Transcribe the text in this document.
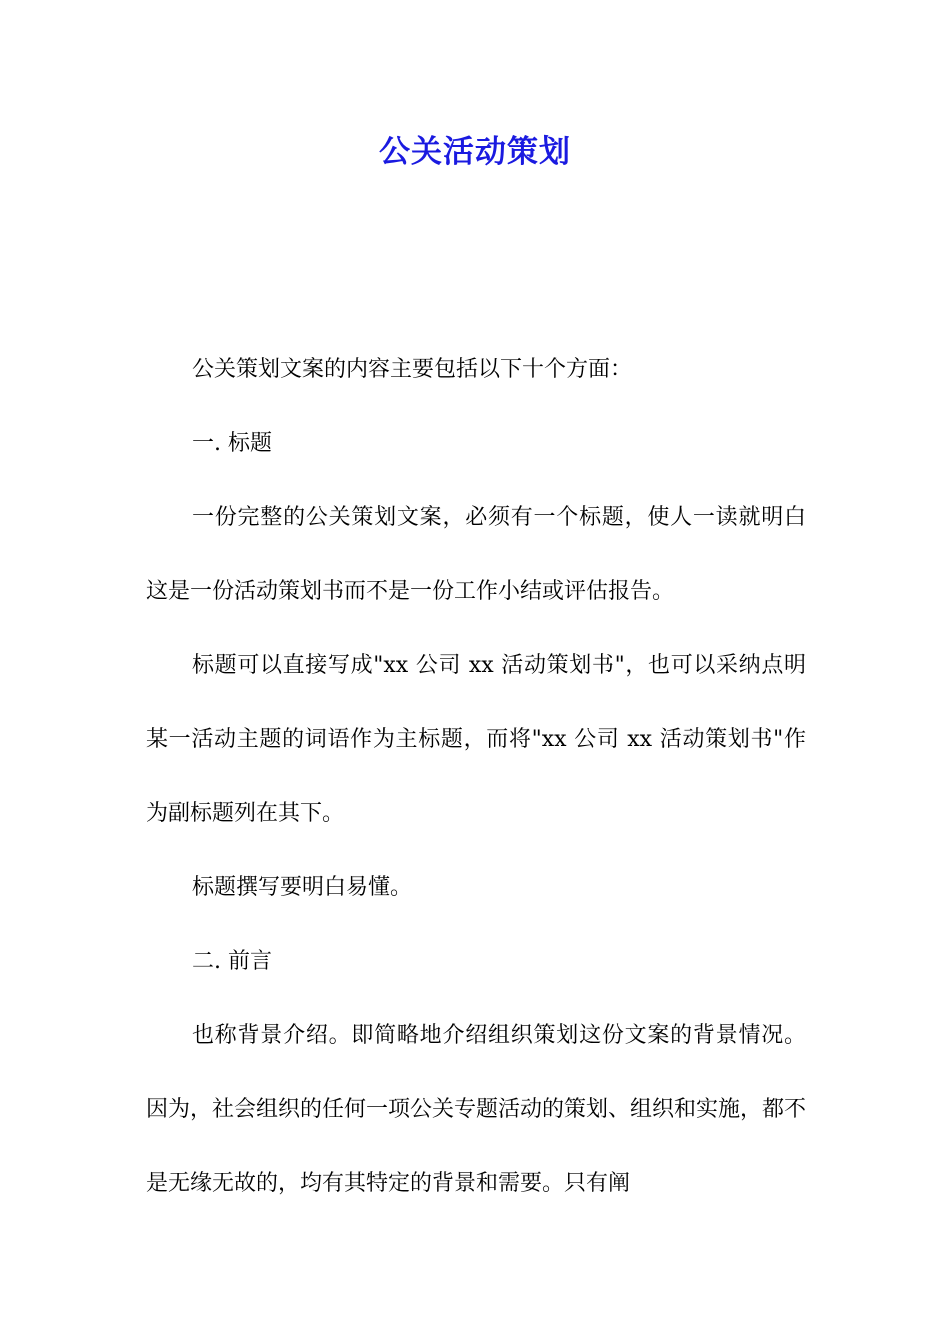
公关活动策划

公关策划文案的内容主要包括以下十个方面：

一. 标题

一份完整的公关策划文案，必须有一个标题，使人一读就明白这是一份活动策划书而不是一份工作小结或评估报告。

标题可以直接写成"xx 公司 xx 活动策划书"，也可以采纳点明某一活动主题的词语作为主标题，而将"xx 公司 xx 活动策划书"作为副标题列在其下。

标题撰写要明白易懂。

二. 前言

也称背景介绍。即简略地介绍组织策划这份文案的背景情况。因为，社会组织的任何一项公关专题活动的策划、组织和实施，都不是无缘无故的，均有其特定的背景和需要。只有阐
